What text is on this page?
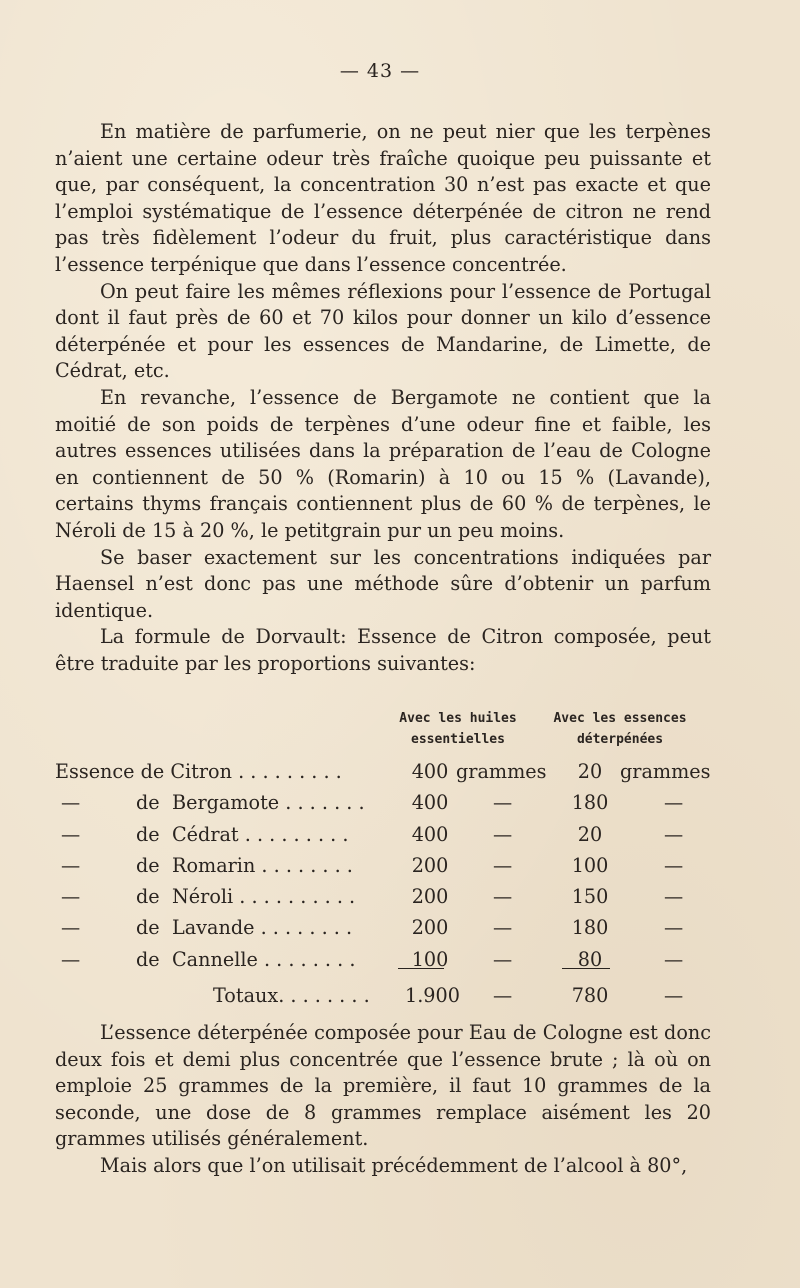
— 43 —

En matière de parfumerie, on ne peut nier que les terpènes n’aient une certaine odeur très fraîche quoique peu puissante et que, par conséquent, la concentration 30 n’est pas exacte et que l’emploi systématique de l’essence déterpénée de citron ne rend pas très fidèlement l’odeur du fruit, plus caractéristique dans l’essence terpénique que dans l’essence concentrée.

On peut faire les mêmes réflexions pour l’essence de Portugal dont il faut près de 60 et 70 kilos pour donner un kilo d’essence déterpénée et pour les essences de Mandarine, de Limette, de Cédrat, etc.

En revanche, l’essence de Bergamote ne contient que la moitié de son poids de terpènes d’une odeur fine et faible, les autres essences utilisées dans la préparation de l’eau de Cologne en contiennent de 50 % (Romarin) à 10 ou 15 % (Lavande), certains thyms français contiennent plus de 60 % de terpènes, le Néroli de 15 à 20 %, le petitgrain pur un peu moins.

Se baser exactement sur les concentrations indiquées par Haensel n’est donc pas une méthode sûre d’obtenir un parfum identique.

La formule de Dorvault: Essence de Citron composée, peut être traduite par les proportions suivantes:

Avec les huiles
essentielles
Avec les essences
déterpénées
Essence de Citron . . . . . . . . .	400 grammes	20 grammes
—	de Bergamote . . . . . . .	400	—	180	—
—	de Cédrat . . . . . . . . .	400	—	20	—
—	de Romarin . . . . . . . .	200	—	100	—
—	de Néroli . . . . . . . . . .	200	—	150	—
—	de Lavande . . . . . . . .	200	—	180	—
—	de Cannelle . . . . . . . .	100	—	80	—
Totaux. . . . . . . . 1.900 —	780	—

L’essence déterpénée composée pour Eau de Cologne est donc deux fois et demi plus concentrée que l’essence brute ; là où on emploie 25 grammes de la première, il faut 10 grammes de la seconde, une dose de 8 grammes remplace aisément les 20 grammes utilisés généralement.

Mais alors que l’on utilisait précédemment de l’alcool à 80°,
